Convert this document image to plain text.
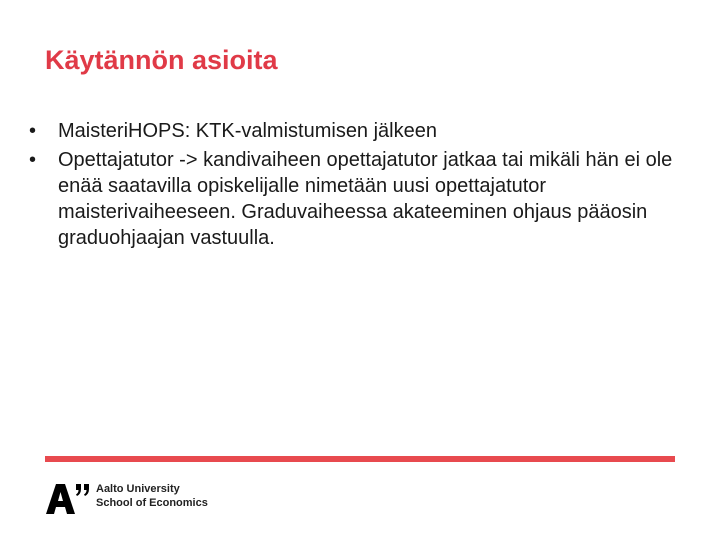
Käytännön asioita
• MaisteriHOPS: KTK-valmistumisen jälkeen
• Opettajatutor -> kandivaiheen opettajatutor jatkaa tai mikäli hän ei ole enää saatavilla opiskelijalle nimetään uusi opettajatutor maisterivaiheeseen. Graduvaiheessa akateeminen ohjaus pääosin graduohjaajan vastuulla.
Aalto University
School of Economics
